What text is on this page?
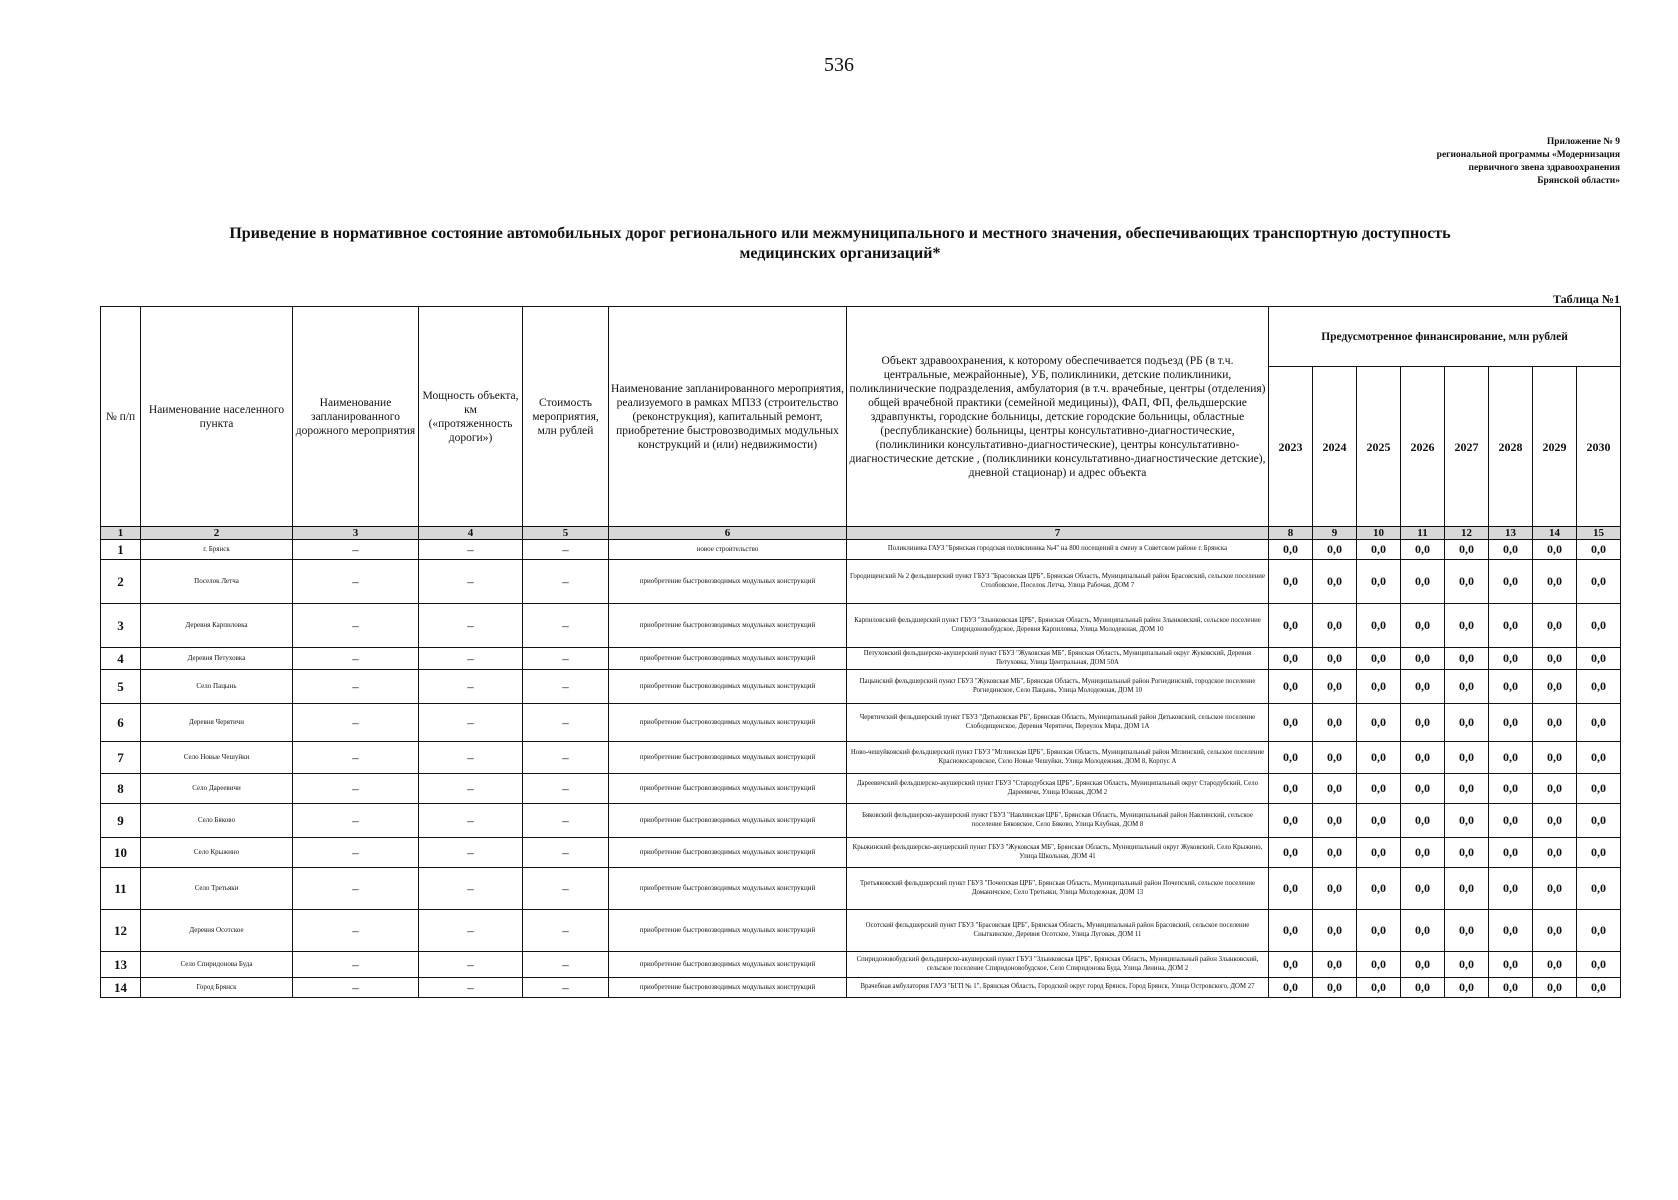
536
Приложение № 9
региональной программы «Модернизация
первичного звена здравоохранения
Брянской области»
Приведение в нормативное состояние автомобильных дорог регионального или межмуниципального и местного значения, обеспечивающих транспортную доступность
медицинских организаций*
Таблица №1
№ п/п	Наименование населенного пункта	Наименование запланированного дорожного мероприятия	Мощность объекта, км («протяженность дороги»)	Стоимость мероприятия, млн рублей	Наименование запланированного мероприятия, реализуемого в рамках МПЗЗ (строительство (реконструкция), капитальный ремонт, приобретение быстровозводимых модульных конструкций и (или) недвижимости)	Объект здравоохранения, к которому обеспечивается подъезд (РБ (в т.ч. центральные, межрайонные), УБ, поликлиники, детские поликлиники, поликлинические подразделения, амбулатория (в т.ч. врачебные, центры (отделения) общей врачебной практики (семейной медицины)), ФАП, ФП, фельдшерские здравпункты, городские больницы, детские городские больницы, областные (республиканские) больницы, центры консультативно-диагностические, (поликлиники консультативно-диагностические), центры консультативно-диагностические детские , (поликлиники консультативно-диагностические детские), дневной стационар) и адрес объекта	Предусмотренное финансирование, млн рублей							
							2023	2024	2025	2026	2027	2028	2029	2030
1	2	3	4	5	6	7	8	9	10	11	12	13	14	15
1	г. Брянск	–	–	–	новое строительство	Поликлиника ГАУЗ "Брянская городская поликлиника №4" на 800 посещений в смену в Советском районе г. Брянска	0,0	0,0	0,0	0,0	0,0	0,0	0,0	0,0
2	Поселок Летча	–	–	–	приобретение быстровозводимых модульных конструкций	Городищенский № 2 фельдшерский пункт ГБУЗ "Брасовская ЦРБ", Брянская Область, Муниципальный район Брасовский, сельское поселение Столбовское, Поселок Летча, Улица Рабочая, ДОМ 7	0,0	0,0	0,0	0,0	0,0	0,0	0,0	0,0
3	Деревня Карпиловка	–	–	–	приобретение быстровозводимых модульных конструкций	Карпиловский фельдшерский пункт ГБУЗ "Злынковская ЦРБ", Брянская Область, Муниципальный район Злынковский, сельское поселение Спиридоновобудское, Деревня Карпиловка, Улица Молодежная, ДОМ 10	0,0	0,0	0,0	0,0	0,0	0,0	0,0	0,0
4	Деревня Петуховка	–	–	–	приобретение быстровозводимых модульных конструкций	Петуховский фельдшерско-акушерский пункт ГБУЗ "Жуковская МБ", Брянская Область, Муниципальный округ Жуковский, Деревня Петуховка, Улица Центральная, ДОМ 50А	0,0	0,0	0,0	0,0	0,0	0,0	0,0	0,0
5	Село Пацынь	–	–	–	приобретение быстровозводимых модульных конструкций	Пацынский фельдшерский пункт ГБУЗ "Жуковская МБ", Брянская Область, Муниципальный район Рогнединский, городское поселение Рогнединское, Село Пацынь, Улица Молодежная, ДОМ 10	0,0	0,0	0,0	0,0	0,0	0,0	0,0	0,0
6	Деревня Черятичи	–	–	–	приобретение быстровозводимых модульных конструкций	Черятичский фельдшерский пункт ГБУЗ "Дятьковская РБ", Брянская Область, Муниципальный район Дятьковский, сельское поселение Слободищенское, Деревня Черятичи, Переулок Мира, ДОМ 1А	0,0	0,0	0,0	0,0	0,0	0,0	0,0	0,0
7	Село Новые Чешуйки	–	–	–	приобретение быстровозводимых модульных конструкций	Ново-чешуйковский фельдшерский пункт ГБУЗ "Мглинская ЦРБ", Брянская Область, Муниципальный район Мглинский, сельское поселение Краснокосаровское, Село Новые Чешуйки, Улица Молодежная, ДОМ 8, Корпус А	0,0	0,0	0,0	0,0	0,0	0,0	0,0	0,0
8	Село Дареевичи	–	–	–	приобретение быстровозводимых модульных конструкций	Дареевичский фельдшерско-акушерский пункт ГБУЗ "Стародубская ЦРБ", Брянская Область, Муниципальный округ Стародубский, Село Дареевичи, Улица Южная, ДОМ 2	0,0	0,0	0,0	0,0	0,0	0,0	0,0	0,0
9	Село Бяково	–	–	–	приобретение быстровозводимых модульных конструкций	Бяковский фельдшерско-акушерский пункт ГБУЗ "Навлинская ЦРБ", Брянская Область, Муниципальный район Навлинский, сельское поселение Бяковское, Село Бяково, Улица Клубная, ДОМ 8	0,0	0,0	0,0	0,0	0,0	0,0	0,0	0,0
10	Село Крыжино	–	–	–	приобретение быстровозводимых модульных конструкций	Крыжинский фельдшерско-акушерский пункт ГБУЗ "Жуковская МБ", Брянская Область, Муниципальный округ Жуковский, Село Крыжино, Улица Школьная, ДОМ 41	0,0	0,0	0,0	0,0	0,0	0,0	0,0	0,0
11	Село Третьяки	–	–	–	приобретение быстровозводимых модульных конструкций	Третьяковский фельдшерский пункт ГБУЗ "Почепская ЦРБ", Брянская Область, Муниципальный район Почепский, сельское поселение Доманичское, Село Третьяки, Улица Молодежная, ДОМ 13	0,0	0,0	0,0	0,0	0,0	0,0	0,0	0,0
12	Деревня Осотское	–	–	–	приобретение быстровозводимых модульных конструкций	Осотский фельдшерский пункт ГБУЗ "Брасовская ЦРБ", Брянская Область, Муниципальный район Брасовский, сельское поселение Сныткинское, Деревня Осотское, Улица Луговая, ДОМ 11	0,0	0,0	0,0	0,0	0,0	0,0	0,0	0,0
13	Село Спиридонова Буда	–	–	–	приобретение быстровозводимых модульных конструкций	Спиридоновобудский фельдшерско-акушерский пункт ГБУЗ "Злынковская ЦРБ", Брянская Область, Муниципальный район Злынковский, сельское поселение Спиридоновобудское, Село Спиридонова Буда, Улица Ленина, ДОМ 2	0,0	0,0	0,0	0,0	0,0	0,0	0,0	0,0
14	Город Брянск	–	–	–	приобретение быстровозводимых модульных конструкций	Врачебная амбулатория ГАУЗ "БГП № 1", Брянская Область, Городской округ город Брянск, Город Брянск, Улица Островского, ДОМ 27	0,0	0,0	0,0	0,0	0,0	0,0	0,0	0,0
